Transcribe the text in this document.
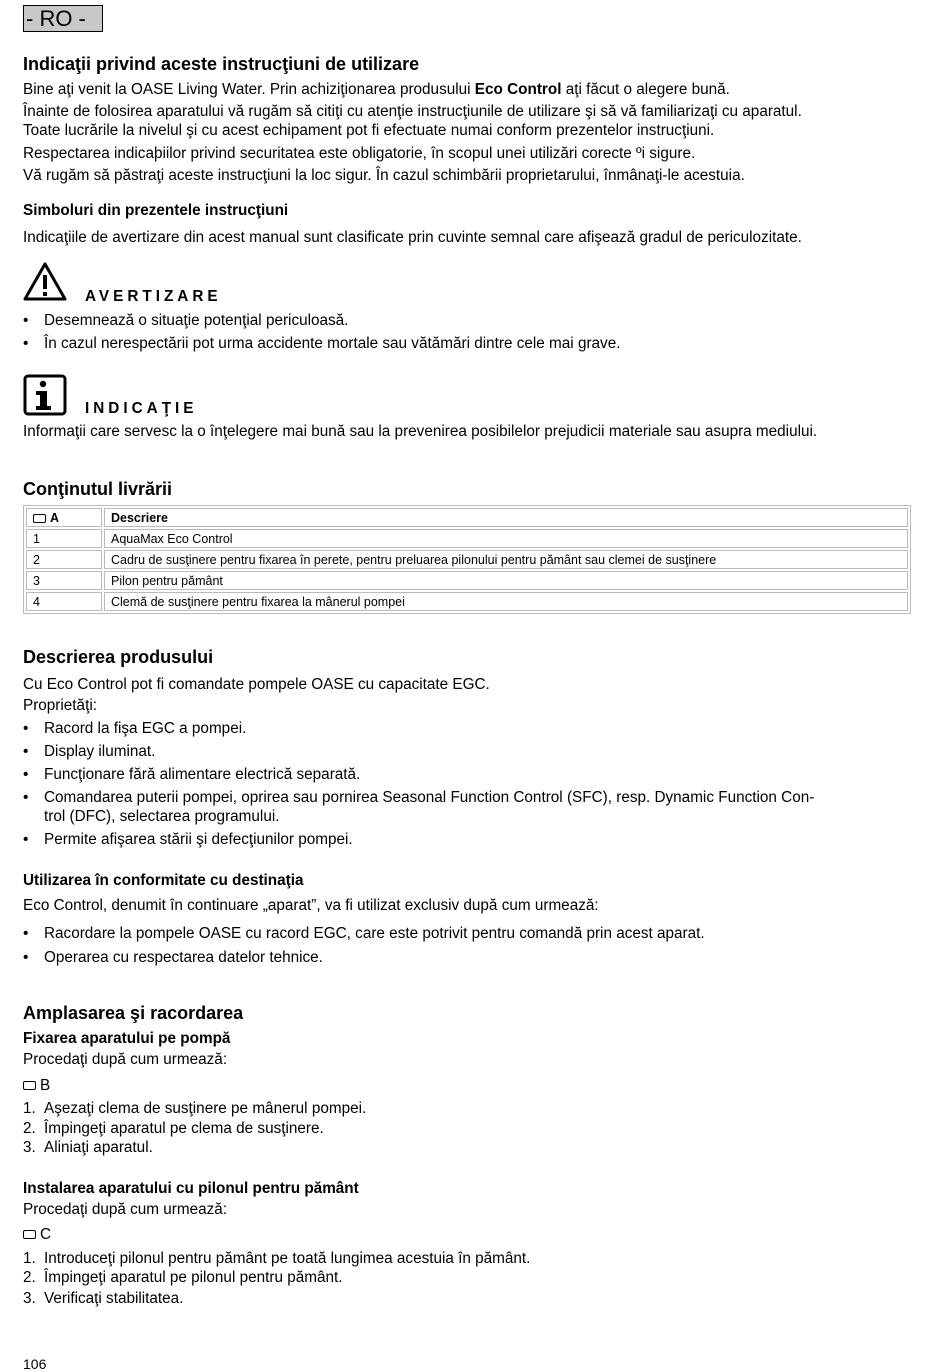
- RO -
Indicaţii privind aceste instrucţiuni de utilizare
Bine aţi venit la OASE Living Water. Prin achiziţionarea produsului Eco Control aţi făcut o alegere bună.
Înainte de folosirea aparatului vă rugăm să citiţi cu atenţie instrucţiunile de utilizare şi să vă familiarizaţi cu aparatul.
Toate lucrările la nivelul şi cu acest echipament pot fi efectuate numai conform prezentelor instrucţiuni.
Respectarea indicaþiilor privind securitatea este obligatorie, în scopul unei utilizări corecte ºi sigure.
Vă rugăm să păstraţi aceste instrucţiuni la loc sigur. În cazul schimbării proprietarului, înmânaţi-le acestuia.
Simboluri din prezentele instrucţiuni
Indicaţiile de avertizare din acest manual sunt clasificate prin cuvinte semnal care afişează gradul de periculozitate.
AVERTIZARE
•	Desemnează o situaţie potenţial periculoasă.
•	În cazul nerespectării pot urma accidente mortale sau vătămări dintre cele mai grave.
INDICAŢIE
Informaţii care servesc la o înţelegere mai bună sau la prevenirea posibilelor prejudicii materiale sau asupra mediului.
Conţinutul livrării
A	Descriere
1	AquaMax Eco Control
2	Cadru de susţinere pentru fixarea în perete, pentru preluarea pilonului pentru pământ sau clemei de susţinere
3	Pilon pentru pământ
4	Clemă de susţinere pentru fixarea la mânerul pompei
Descrierea produsului
Cu Eco Control pot fi comandate pompele OASE cu capacitate EGC.
Proprietăţi:
•	Racord la fişa EGC a pompei.
•	Display iluminat.
•	Funcţionare fără alimentare electrică separată.
•	Comandarea puterii pompei, oprirea sau pornirea Seasonal Function Control (SFC), resp. Dynamic Function Con-
trol (DFC), selectarea programului.
•	Permite afişarea stării şi defecţiunilor pompei.
Utilizarea în conformitate cu destinaţia
Eco Control, denumit în continuare „aparat”, va fi utilizat exclusiv după cum urmează:
•	Racordare la pompele OASE cu racord EGC, care este potrivit pentru comandă prin acest aparat.
•	Operarea cu respectarea datelor tehnice.
Amplasarea şi racordarea
Fixarea aparatului pe pompă
Procedaţi după cum urmează:
B
1. Aşezaţi clema de susţinere pe mânerul pompei.
2. Împingeţi aparatul pe clema de susţinere.
3. Aliniaţi aparatul.
Instalarea aparatului cu pilonul pentru pământ
Procedaţi după cum urmează:
C
1. Introduceţi pilonul pentru pământ pe toată lungimea acestuia în pământ.
2. Împingeţi aparatul pe pilonul pentru pământ.
3. Verificaţi stabilitatea.
106
